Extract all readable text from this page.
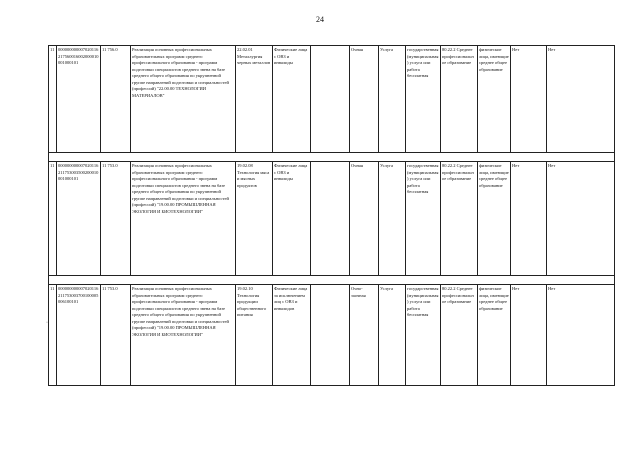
24
11	000000000007020116217560016002000010001000101	11 756.0	Реализация основных профессиональных образовательных программ среднего профессионального образования - программ подготовки специалистов среднего звена на базе среднего общего образования по укрупненной группе направлений подготовки и специальностей (профессий) "22.00.00 ТЕХНОЛОГИИ МАТЕРИАЛОВ"	22.02.01 Металлургия черных металлов	Физические лица с ОВЗ и инвалиды		Очная	Услуга	государственная (муниципальная) услуга или работа бесплатная	80.22.2 Среднее профессиональное образование	физические лица, имеющие среднее общее образование	Нет	Нет

11	000000000007020116211753003500200010001000101	11 753.0	Реализация основных профессиональных образовательных программ среднего профессионального образования - программ подготовки специалистов среднего звена на базе среднего общего образования по укрупненной группе направлений подготовки и специальностей (профессий) "19.00.00 ПРОМЫШЛЕННАЯ ЭКОЛОГИЯ И БИОТЕХНОЛОГИИ"	19.02.08 Технология мяса и мясных продуктов	Физические лица с ОВЗ и инвалиды		Очная	Услуга	государственная (муниципальная) услуга или работа бесплатная	80.22.2 Среднее профессиональное образование	физические лица, имеющие среднее общее образование	Нет	Нет

11	000000000007020116211753003700100005006100101	11 753.0	Реализация основных профессиональных образовательных программ среднего профессионального образования - программ подготовки специалистов среднего звена на базе среднего общего образования по укрупненной группе направлений подготовки и специальностей (профессий) "19.00.00 ПРОМЫШЛЕННАЯ ЭКОЛОГИЯ И БИОТЕХНОЛОГИИ"	19.02.10 Технология продукции общественного питания	Физические лица за исключением лиц с ОВЗ и инвалидов		Очно-заочная	Услуга	государственная (муниципальная) услуга или работа бесплатная	80.22.2 Среднее профессиональное образование	физические лица, имеющие среднее общее образование	Нет	Нет
·
